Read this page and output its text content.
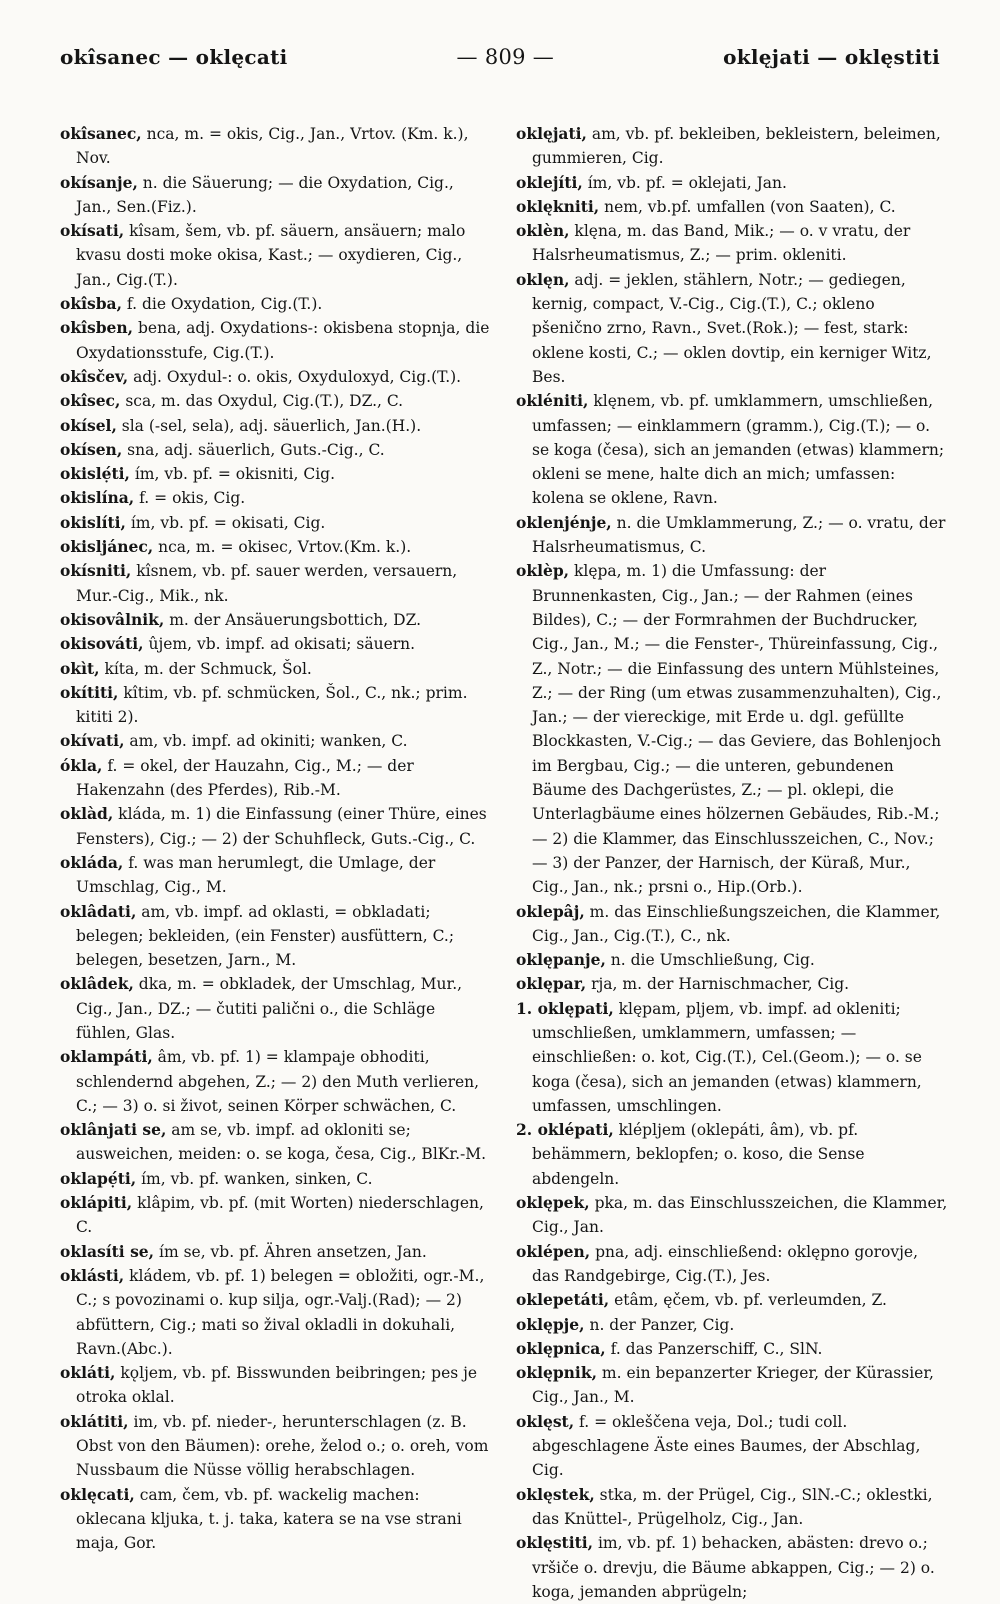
okîsanec — oklęcati	— 809 —	oklęjati — oklęstiti
okîsanec, nca, m. = okis, Cig., Jan., Vrtov. (Km. k.), Nov.
okísanje, n. die Säuerung; — die Oxydation, Cig., Jan., Sen.(Fiz.).
okísati, kîsam, šem, vb. pf. säuern, ansäuern; malo kvasu dosti moke okisa, Kast.; — oxydieren, Cig., Jan., Cig.(T.).
okîsba, f. die Oxydation, Cig.(T.).
okîsben, bena, adj. Oxydations-: okisbena stopnja, die Oxydationsstufe, Cig.(T.).
okîsčev, adj. Oxydul-: o. okis, Oxyduloxyd, Cig.(T.).
okîsec, sca, m. das Oxydul, Cig.(T.), DZ., C.
okísel, sla (-sel, sela), adj. säuerlich, Jan.(H.).
okísen, sna, adj. säuerlich, Guts.-Cig., C.
okislẹ́ti, ím, vb. pf. = okisniti, Cig.
okislína, f. = okis, Cig.
okislíti, ím, vb. pf. = okisati, Cig.
okisljánec, nca, m. = okisec, Vrtov.(Km. k.).
okísniti, kîsnem, vb. pf. sauer werden, versauern, Mur.-Cig., Mik., nk.
okisovâlnik, m. der Ansäuerungsbottich, DZ.
okisováti, ûjem, vb. impf. ad okisati; säuern.
okìt, kíta, m. der Schmuck, Šol.
okítiti, kîtim, vb. pf. schmücken, Šol., C., nk.; prim. kititi 2).
okívati, am, vb. impf. ad okiniti; wanken, C.
ókla, f. = okel, der Hauzahn, Cig., M.; — der Hakenzahn (des Pferdes), Rib.-M.
oklàd, kláda, m. 1) die Einfassung (einer Thüre, eines Fensters), Cig.; — 2) der Schuhfleck, Guts.-Cig., C.
okláda, f. was man herumlegt, die Umlage, der Umschlag, Cig., M.
oklâdati, am, vb. impf. ad oklasti, = obkladati; belegen; bekleiden, (ein Fenster) ausfüttern, C.; belegen, besetzen, Jarn., M.
oklâdek, dka, m. = obkladek, der Umschlag, Mur., Cig., Jan., DZ.; — čutiti palični o., die Schläge fühlen, Glas.
oklampáti, âm, vb. pf. 1) = klampaje obhoditi, schlendernd abgehen, Z.; — 2) den Muth verlieren, C.; — 3) o. si život, seinen Körper schwächen, C.
oklânjati se, am se, vb. impf. ad okloniti se; ausweichen, meiden: o. se koga, česa, Cig., BlKr.-M.
oklapẹ́ti, ím, vb. pf. wanken, sinken, C.
oklápiti, klâpim, vb. pf. (mit Worten) niederschlagen, C.
oklasíti se, ím se, vb. pf. Ähren ansetzen, Jan.
oklásti, kládem, vb. pf. 1) belegen = obložiti, ogr.-M., C.; s povozinami o. kup silja, ogr.-Valj.(Rad); — 2) abfüttern, Cig.; mati so žival okladli in dokuhali, Ravn.(Abc.).
okláti, kǫljem, vb. pf. Bisswunden beibringen; pes je otroka oklal.
oklátiti, im, vb. pf. nieder-, herunterschlagen (z. B. Obst von den Bäumen): orehe, želod o.; o. oreh, vom Nussbaum die Nüsse völlig herabschlagen.
oklęcati, cam, čem, vb. pf. wackelig machen: oklecana kljuka, t. j. taka, katera se na vse strani maja, Gor.
oklęjati, am, vb. pf. bekleiben, bekleistern, beleimen, gummieren, Cig.
oklejíti, ím, vb. pf. = oklejati, Jan.
oklękniti, nem, vb.pf. umfallen (von Saaten), C.
oklèn, klęna, m. das Band, Mik.; — o. v vratu, der Halsrheumatismus, Z.; — prim. okleniti.
oklęn, adj. = jeklen, stählern, Notr.; — gediegen, kernig, compact, V.-Cig., Cig.(T.), C.; okleno pšenično zrno, Ravn., Svet.(Rok.); — fest, stark: oklene kosti, C.; — oklen dovtip, ein kerniger Witz, Bes.
okléniti, klęnem, vb. pf. umklammern, umschließen, umfassen; — einklammern (gramm.), Cig.(T.); — o. se koga (česa), sich an jemanden (etwas) klammern; okleni se mene, halte dich an mich; umfassen: kolena se oklene, Ravn.
oklenjénje, n. die Umklammerung, Z.; — o. vratu, der Halsrheumatismus, C.
oklèp, klępa, m. 1) die Umfassung: der Brunnenkasten, Cig., Jan.; — der Rahmen (eines Bildes), C.; — der Formrahmen der Buchdrucker, Cig., Jan., M.; — die Fenster-, Thüreinfassung, Cig., Z., Notr.; — die Einfassung des untern Mühlsteines, Z.; — der Ring (um etwas zusammenzuhalten), Cig., Jan.; — der viereckige, mit Erde u. dgl. gefüllte Blockkasten, V.-Cig.; — das Geviere, das Bohlenjoch im Bergbau, Cig.; — die unteren, gebundenen Bäume des Dachgerüstes, Z.; — pl. oklepi, die Unterlagbäume eines hölzernen Gebäudes, Rib.-M.; — 2) die Klammer, das Einschlusszeichen, C., Nov.; — 3) der Panzer, der Harnisch, der Küraß, Mur., Cig., Jan., nk.; prsni o., Hip.(Orb.).
oklepâj, m. das Einschließungszeichen, die Klammer, Cig., Jan., Cig.(T.), C., nk.
oklępanje, n. die Umschließung, Cig.
oklępar, rja, m. der Harnischmacher, Cig.
1. oklępati, klępam, pljem, vb. impf. ad okleniti; umschließen, umklammern, umfassen; — einschließen: o. kot, Cig.(T.), Cel.(Geom.); — o. se koga (česa), sich an jemanden (etwas) klammern, umfassen, umschlingen.
2. oklépati, klépljem (oklepáti, âm), vb. pf. behämmern, beklopfen; o. koso, die Sense abdengeln.
oklępek, pka, m. das Einschlusszeichen, die Klammer, Cig., Jan.
oklépen, pna, adj. einschließend: oklępno gorovje, das Randgebirge, Cig.(T.), Jes.
oklepetáti, etâm, ęčem, vb. pf. verleumden, Z.
oklępje, n. der Panzer, Cig.
oklępnica, f. das Panzerschiff, C., SlN.
oklępnik, m. ein bepanzerter Krieger, der Kürassier, Cig., Jan., M.
oklęst, f. = okleščena veja, Dol.; tudi coll. abgeschlagene Äste eines Baumes, der Abschlag, Cig.
oklęstek, stka, m. der Prügel, Cig., SlN.-C.; oklestki, das Knüttel-, Prügelholz, Cig., Jan.
oklęstiti, im, vb. pf. 1) behacken, abästen: drevo o.; vršiče o. drevju, die Bäume abkappen, Cig.; — 2) o. koga, jemanden abprügeln;
